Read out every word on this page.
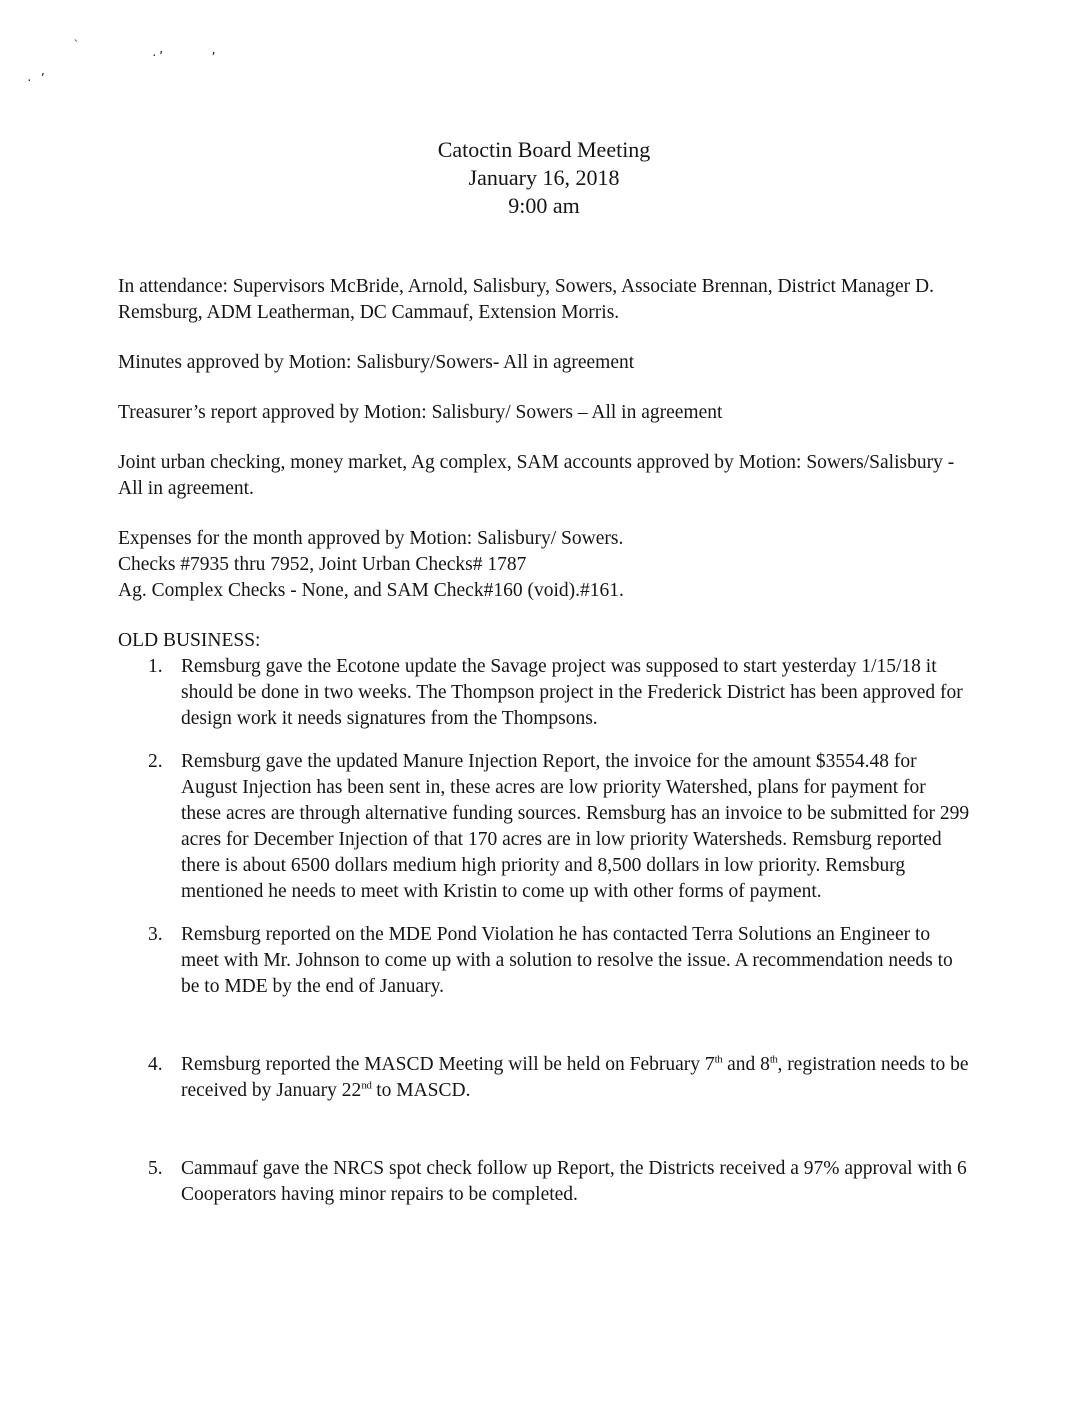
`
·’	’
. ’
Catoctin Board Meeting
January 16, 2018
9:00 am

In attendance: Supervisors McBride, Arnold, Salisbury, Sowers, Associate Brennan, District Manager D. Remsburg, ADM Leatherman, DC Cammauf, Extension Morris.

Minutes approved by Motion: Salisbury/Sowers- All in agreement

Treasurer’s report approved by Motion: Salisbury/ Sowers – All in agreement

Joint urban checking, money market, Ag complex, SAM accounts approved by Motion: Sowers/Salisbury - All in agreement.

Expenses for the month approved by Motion: Salisbury/ Sowers.

Checks #7935 thru 7952, Joint Urban Checks# 1787

Ag. Complex Checks - None, and SAM Check#160 (void).#161.

OLD BUSINESS:
1. Remsburg gave the Ecotone update the Savage project was supposed to start yesterday 1/15/18 it should be done in two weeks. The Thompson project in the Frederick District has been approved for design work it needs signatures from the Thompsons.
2. Remsburg gave the updated Manure Injection Report, the invoice for the amount $3554.48 for August Injection has been sent in, these acres are low priority Watershed, plans for payment for these acres are through alternative funding sources. Remsburg has an invoice to be submitted for 299 acres for December Injection of that 170 acres are in low priority Watersheds. Remsburg reported there is about 6500 dollars medium high priority and 8,500 dollars in low priority. Remsburg mentioned he needs to meet with Kristin to come up with other forms of payment.
3. Remsburg reported on the MDE Pond Violation he has contacted Terra Solutions an Engineer to meet with Mr. Johnson to come up with a solution to resolve the issue. A recommendation needs to be to MDE by the end of January.
4. Remsburg reported the MASCD Meeting will be held on February 7th and 8th, registration needs to be received by January 22nd to MASCD.
5. Cammauf gave the NRCS spot check follow up Report, the Districts received a 97% approval with 6 Cooperators having minor repairs to be completed.
